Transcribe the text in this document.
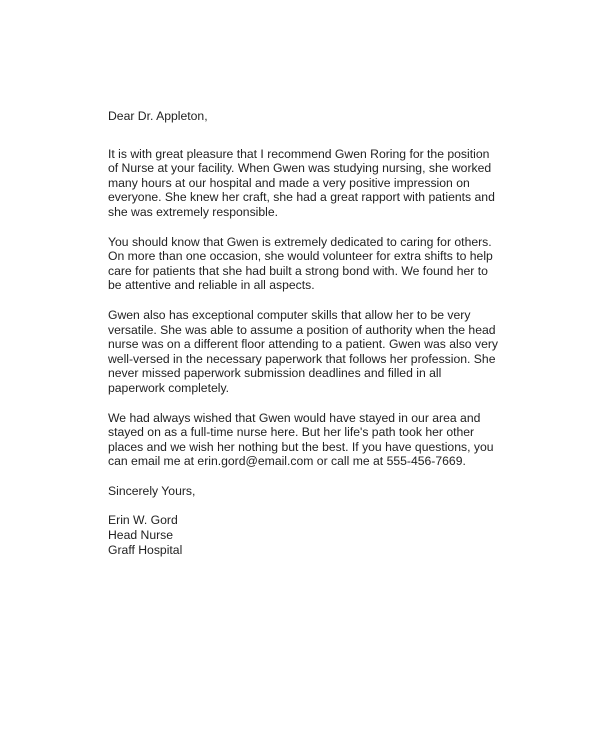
Dear Dr. Appleton,

It is with great pleasure that I recommend Gwen Roring for the position
of Nurse at your facility. When Gwen was studying nursing, she worked
many hours at our hospital and made a very positive impression on
everyone. She knew her craft, she had a great rapport with patients and
she was extremely responsible.

You should know that Gwen is extremely dedicated to caring for others.
On more than one occasion, she would volunteer for extra shifts to help
care for patients that she had built a strong bond with. We found her to
be attentive and reliable in all aspects.

Gwen also has exceptional computer skills that allow her to be very
versatile. She was able to assume a position of authority when the head
nurse was on a different floor attending to a patient. Gwen was also very
well-versed in the necessary paperwork that follows her profession. She
never missed paperwork submission deadlines and filled in all
paperwork completely.

We had always wished that Gwen would have stayed in our area and
stayed on as a full-time nurse here. But her life's path took her other
places and we wish her nothing but the best. If you have questions, you
can email me at erin.gord@email.com or call me at 555-456-7669.

Sincerely Yours,

Erin W. Gord
Head Nurse
Graff Hospital
